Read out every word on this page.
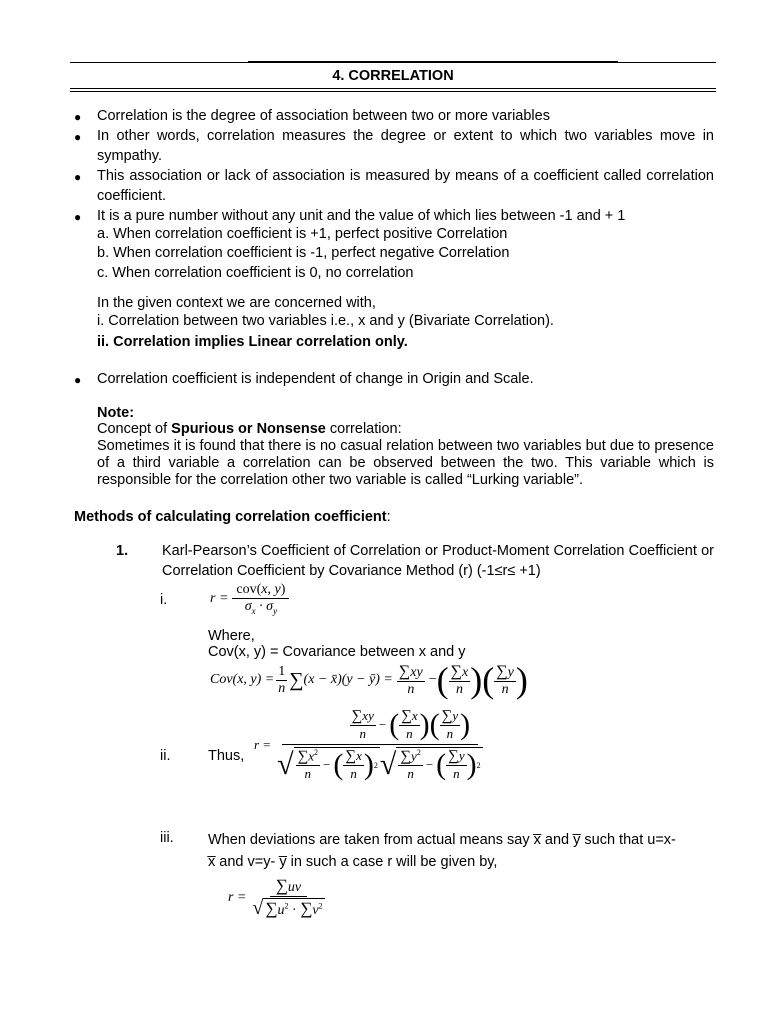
4. CORRELATION
● Correlation is the degree of association between two or more variables
● In other words, correlation measures the degree or extent to which two variables move in sympathy.
● This association or lack of association is measured by means of a coefficient called correlation coefficient.
● It is a pure number without any unit and the value of which lies between -1 and + 1
a. When correlation coefficient is +1, perfect positive Correlation
b. When correlation coefficient is -1, perfect negative Correlation
c. When correlation coefficient is 0, no correlation
In the given context we are concerned with,
i. Correlation between two variables i.e., x and y (Bivariate Correlation).
ii. Correlation implies Linear correlation only.
● Correlation coefficient is independent of change in Origin and Scale.
Note:
Concept of Spurious or Nonsense correlation:
Sometimes it is found that there is no casual relation between two variables but due to presence of a third variable a correlation can be observed between the two. This variable which is responsible for the correlation other two variable is called “Lurking variable”.
Methods of calculating correlation coefficient:
1. Karl-Pearson’s Coefficient of Correlation or Product-Moment Correlation Coefficient or Correlation Coefficient by Covariance Method (r) (-1≤r≤ +1)
i.	$r = \frac{\text{cov(x, y)}}{\sigma_x \cdot \sigma_y}$
Where,
Cov(x, y) = Covariance between x and y
Cov(x, $y) = \frac{1}{n}$ ∑ (x − x̄)(y − ȳ) = $\frac{\sum xy}{n}$ − ( $\frac{\sum x}{n}$ ) ( $\frac{\sum y}{n}$ )
ii.	Thus,
r =
$\frac{\sum xy}{n}$ − ( $\frac{\sum x}{n}$ ) ( $\frac{\sum y}{n}$ )
√ $\frac{\sum x^2}{n}$ − ( $\frac{\sum x}{n}$ ) 2 √ $\frac{\sum y^2}{n}$ − ( $\frac{\sum y}{n}$ ) 2
iii. When deviations are taken from actual means say x̅ and y̅ such that u=x-
x̅ and v=y- y̅ in such a case r will be given by,
$r = \frac{\sum uv}{√ \sum u^2 \cdot \sum v^2}$
